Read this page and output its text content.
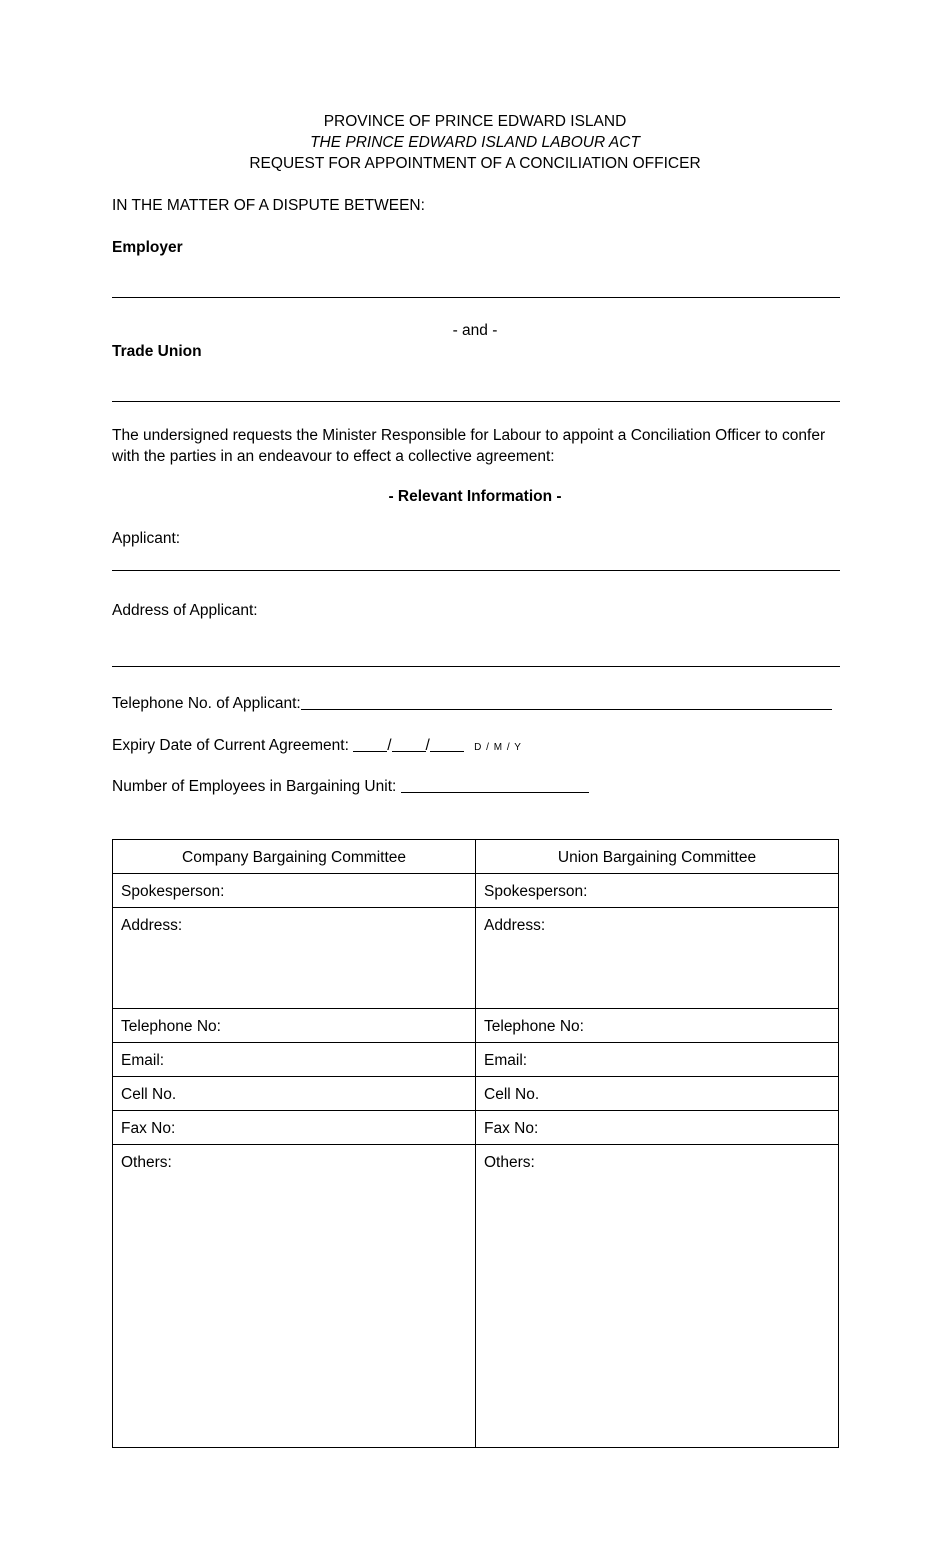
PROVINCE OF PRINCE EDWARD ISLAND
THE PRINCE EDWARD ISLAND LABOUR ACT
REQUEST FOR APPOINTMENT OF A CONCILIATION OFFICER
IN THE MATTER OF A DISPUTE BETWEEN:
Employer
- and -
Trade Union
The undersigned requests the Minister Responsible for Labour to appoint a Conciliation Officer to confer with the parties in an endeavour to effect a collective agreement:
- Relevant Information -
Applicant:
Address of Applicant:
Telephone No. of Applicant:
Expiry Date of Current Agreement: / /	D / M / Y
Number of Employees in Bargaining Unit:
Company Bargaining Committee	Union Bargaining Committee
Spokesperson:	Spokesperson:
Address:	Address:
Telephone No:	Telephone No:
Email:	Email:
Cell No.	Cell No.
Fax No:	Fax No:
Others:	Others:
